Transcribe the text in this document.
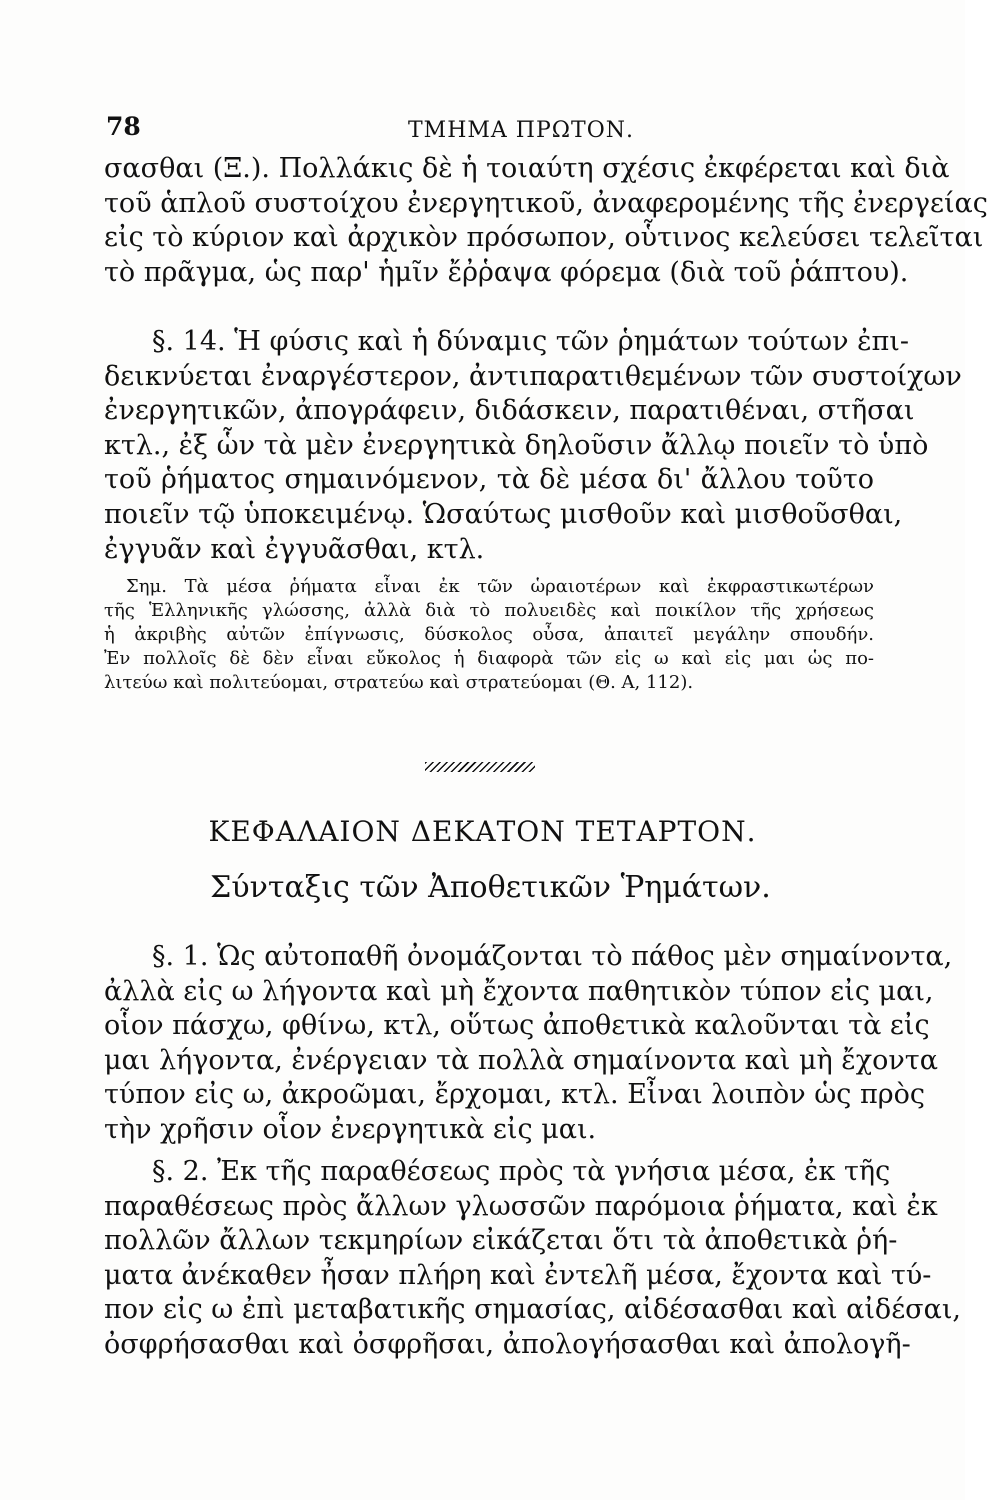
78	ΤΜΗΜΑ ΠΡΩΤΟΝ.
σασθαι (Ξ.). Πολλάκις δὲ ἡ τοιαύτη σχέσις ἐκφέρεται καὶ διὰ
τοῦ ἁπλοῦ συστοίχου ἐνεργητικοῦ, ἀναφερομένης τῆς ἐνεργείας
εἰς τὸ κύριον καὶ ἀρχικὸν πρόσωπον, οὗτινος κελεύσει τελεῖται
τὸ πρᾶγμα, ὡς παρ' ἡμῖν ἔῤῥαψα φόρεμα (διὰ τοῦ ῥάπτου).
§. 14. Ἡ φύσις καὶ ἡ δύναμις τῶν ῥημάτων τούτων ἐπι-
δεικνύεται ἐναργέστερον, ἀντιπαρατιθεμένων τῶν συστοίχων
ἐνεργητικῶν, ἀπογράφειν, διδάσκειν, παρατιθέναι, στῆσαι
κτλ., ἐξ ὧν τὰ μὲν ἐνεργητικὰ δηλοῦσιν ἄλλῳ ποιεῖν τὸ ὑπὸ
τοῦ ῥήματος σημαινόμενον, τὰ δὲ μέσα δι' ἄλλου τοῦτο
ποιεῖν τῷ ὑποκειμένῳ. Ὡσαύτως μισθοῦν καὶ μισθοῦσθαι,
ἐγγυᾶν καὶ ἐγγυᾶσθαι, κτλ.
Σημ. Τὰ μέσα ῥήματα εἶναι ἐκ τῶν ὡραιοτέρων καὶ ἐκφραστικωτέρων
τῆς Ἑλληνικῆς γλώσσης, ἀλλὰ διὰ τὸ πολυειδὲς καὶ ποικίλον τῆς χρήσεως
ἡ ἀκριβὴς αὐτῶν ἐπίγνωσις, δύσκολος οὖσα, ἀπαιτεῖ μεγάλην σπουδήν.
Ἐν πολλοῖς δὲ δὲν εἶναι εὔκολος ἡ διαφορὰ τῶν εἰς ω καὶ εἰς μαι ὡς πο-
λιτεύω καὶ πολιτεύομαι, στρατεύω καὶ στρατεύομαι (Θ. Α, 112).
ΚΕΦΑΛΑΙΟΝ ΔΕΚΑΤΟΝ ΤΕΤΑΡΤΟΝ.
Σύνταξις τῶν Ἀποθετικῶν Ῥημάτων.
§. 1. Ὡς αὐτοπαθῆ ὀνομάζονται τὸ πάθος μὲν σημαίνοντα,
ἀλλὰ εἰς ω λήγοντα καὶ μὴ ἔχοντα παθητικὸν τύπον εἰς μαι,
οἷον πάσχω, φθίνω, κτλ, οὕτως ἀποθετικὰ καλοῦνται τὰ εἰς
μαι λήγοντα, ἐνέργειαν τὰ πολλὰ σημαίνοντα καὶ μὴ ἔχοντα
τύπον εἰς ω, ἀκροῶμαι, ἔρχομαι, κτλ. Εἶναι λοιπὸν ὡς πρὸς
τὴν χρῆσιν οἷον ἐνεργητικὰ εἰς μαι.
§. 2. Ἐκ τῆς παραθέσεως πρὸς τὰ γνήσια μέσα, ἐκ τῆς
παραθέσεως πρὸς ἄλλων γλωσσῶν παρόμοια ῥήματα, καὶ ἐκ
πολλῶν ἄλλων τεκμηρίων εἰκάζεται ὅτι τὰ ἀποθετικὰ ῥή-
ματα ἀνέκαθεν ἦσαν πλήρη καὶ ἐντελῆ μέσα, ἔχοντα καὶ τύ-
πον εἰς ω ἐπὶ μεταβατικῆς σημασίας, αἰδέσασθαι καὶ αἰδέσαι,
ὀσφρήσασθαι καὶ ὀσφρῆσαι, ἀπολογήσασθαι καὶ ἀπολογῆ-
